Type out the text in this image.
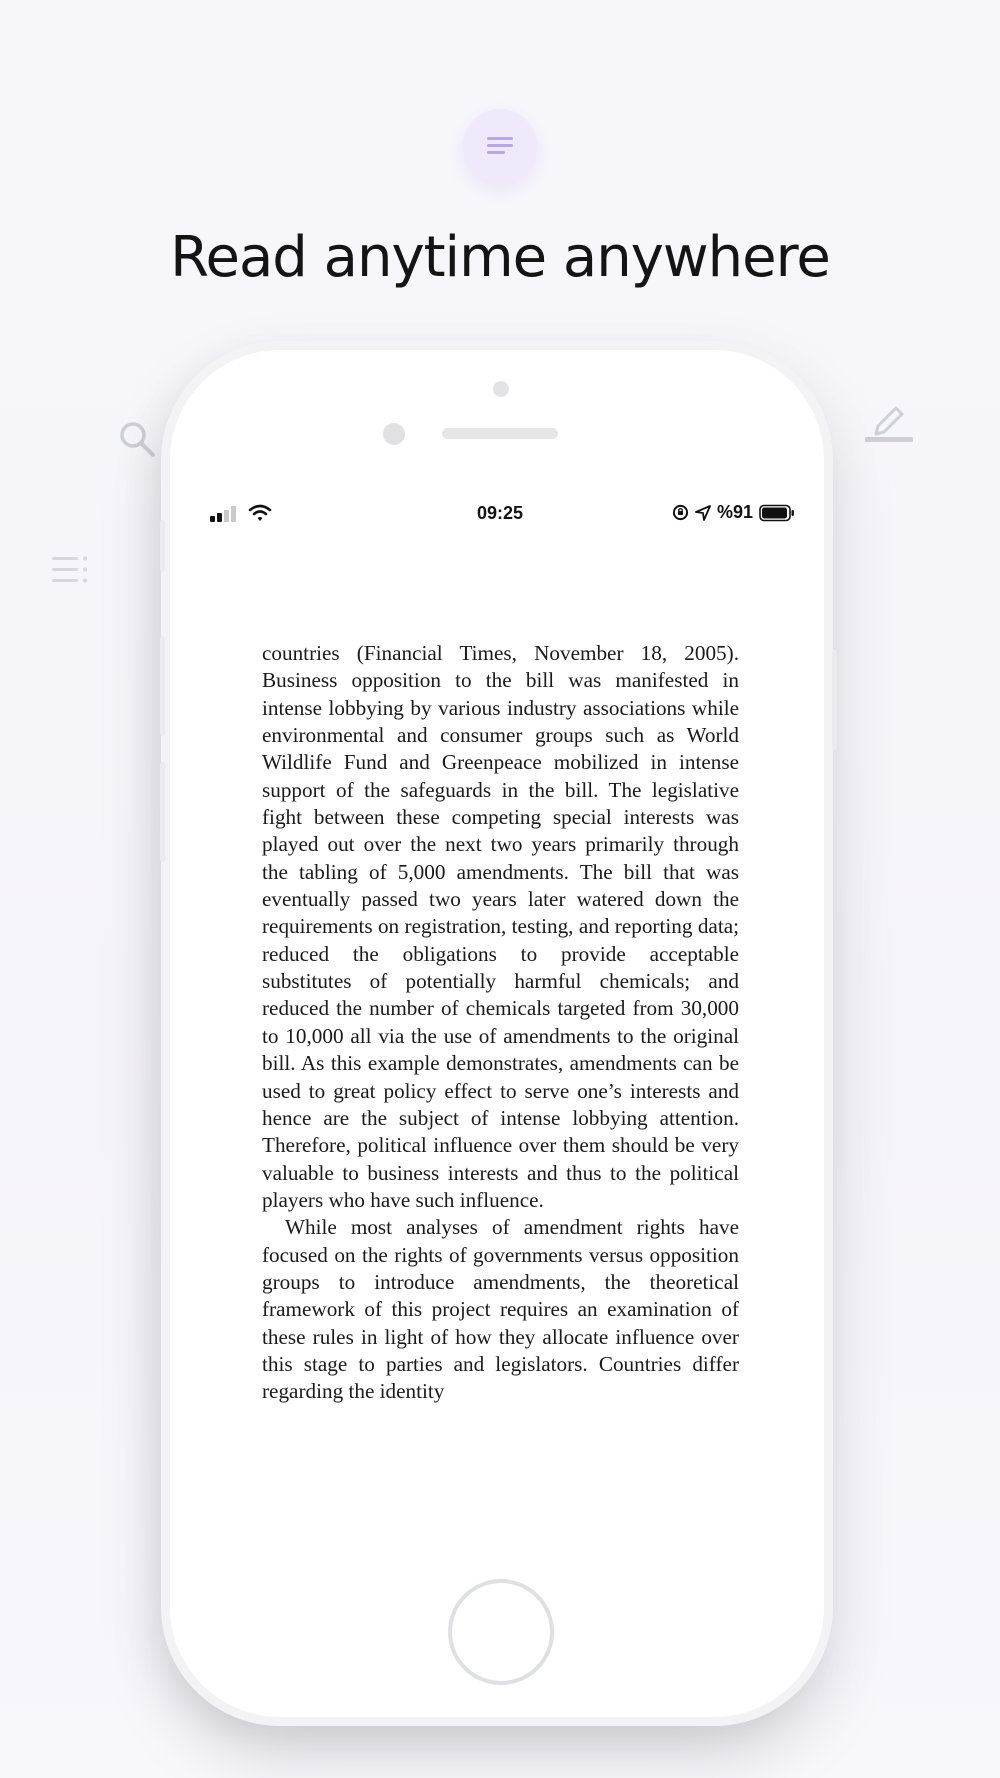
Read anytime anywhere
09:25	%91

countries (Financial Times, November 18, 2005). Business opposition to the bill was manifested in intense lobbying by various industry associations while environmental and consumer groups such as World Wildlife Fund and Greenpeace mobilized in intense support of the safeguards in the bill. The legislative fight between these competing special interests was played out over the next two years primarily through the tabling of 5,000 amendments. The bill that was eventually passed two years later watered down the requirements on registration, testing, and reporting data; reduced the obligations to provide acceptable substitutes of potentially harmful chemicals; and reduced the number of chemicals targeted from 30,000 to 10,000 all via the use of amendments to the original bill. As this example demonstrates, amendments can be used to great policy effect to serve one’s interests and hence are the subject of intense lobbying attention. Therefore, political influence over them should be very valuable to business interests and thus to the political players who have such influence.

While most analyses of amendment rights have focused on the rights of governments versus opposition groups to introduce amendments, the theoretical framework of this project requires an examination of these rules in light of how they allocate influence over this stage to parties and legislators. Countries differ regarding the identity
